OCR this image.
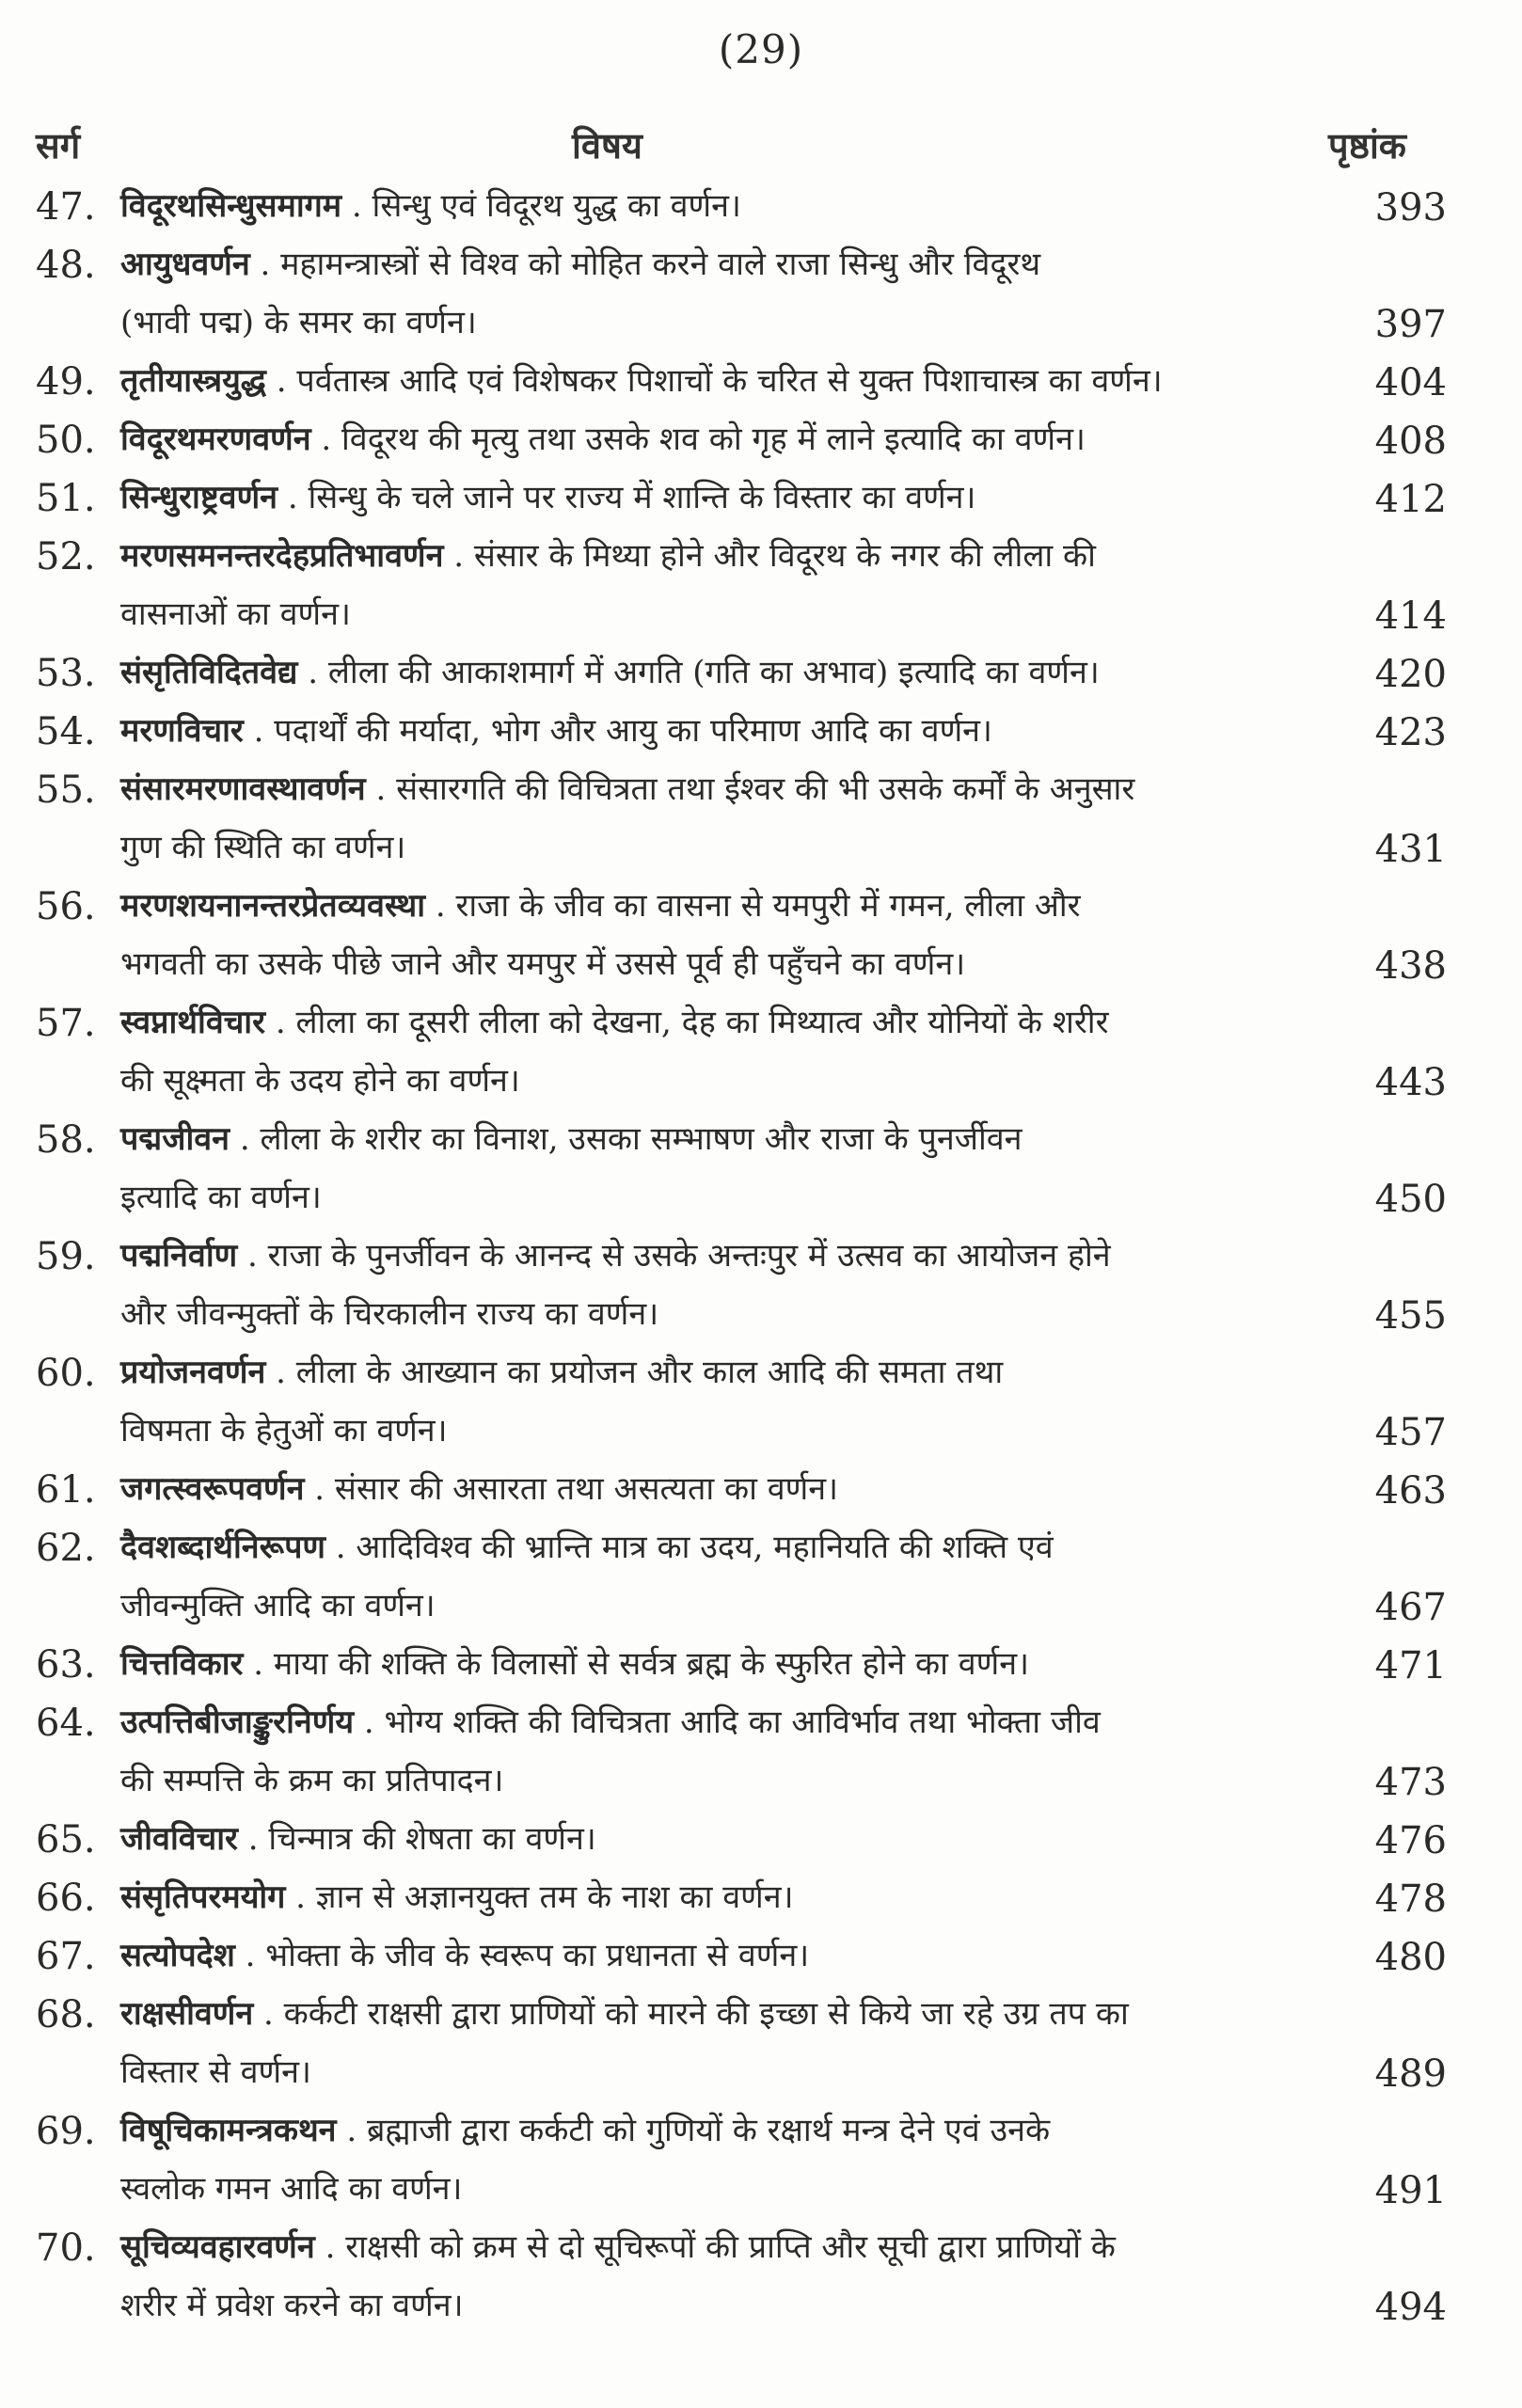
(29)
सर्ग	विषय	पृष्ठांक
47. विदूरथसिन्धुसमागम . सिन्धु एवं विदूरथ युद्ध का वर्णन।	393
48. आयुधवर्णन . महामन्त्रास्त्रों से विश्व को मोहित करने वाले राजा सिन्धु और विदूरथ
(भावी पद्म) के समर का वर्णन।	397
49. तृतीयास्त्रयुद्ध . पर्वतास्त्र आदि एवं विशेषकर पिशाचों के चरित से युक्त पिशाचास्त्र का वर्णन।	404
50. विदूरथमरणवर्णन . विदूरथ की मृत्यु तथा उसके शव को गृह में लाने इत्यादि का वर्णन।	408
51. सिन्धुराष्ट्रवर्णन . सिन्धु के चले जाने पर राज्य में शान्ति के विस्तार का वर्णन।	412
52. मरणसमनन्तरदेहप्रतिभावर्णन . संसार के मिथ्या होने और विदूरथ के नगर की लीला की
वासनाओं का वर्णन।	414
53. संसृतिविदितवेद्य . लीला की आकाशमार्ग में अगति (गति का अभाव) इत्यादि का वर्णन।	420
54. मरणविचार . पदार्थों की मर्यादा, भोग और आयु का परिमाण आदि का वर्णन।	423
55. संसारमरणावस्थावर्णन . संसारगति की विचित्रता तथा ईश्वर की भी उसके कर्मों के अनुसार
गुण की स्थिति का वर्णन।	431
56. मरणशयनानन्तरप्रेतव्यवस्था . राजा के जीव का वासना से यमपुरी में गमन, लीला और
भगवती का उसके पीछे जाने और यमपुर में उससे पूर्व ही पहुँचने का वर्णन।	438
57. स्वप्नार्थविचार . लीला का दूसरी लीला को देखना, देह का मिथ्यात्व और योनियों के शरीर
की सूक्ष्मता के उदय होने का वर्णन।	443
58. पद्मजीवन . लीला के शरीर का विनाश, उसका सम्भाषण और राजा के पुनर्जीवन
इत्यादि का वर्णन।	450
59. पद्मनिर्वाण . राजा के पुनर्जीवन के आनन्द से उसके अन्तःपुर में उत्सव का आयोजन होने
और जीवन्मुक्तों के चिरकालीन राज्य का वर्णन।	455
60. प्रयोजनवर्णन . लीला के आख्यान का प्रयोजन और काल आदि की समता तथा
विषमता के हेतुओं का वर्णन।	457
61. जगत्स्वरूपवर्णन . संसार की असारता तथा असत्यता का वर्णन।	463
62. दैवशब्दार्थनिरूपण . आदिविश्व की भ्रान्ति मात्र का उदय, महानियति की शक्ति एवं
जीवन्मुक्ति आदि का वर्णन।	467
63. चित्तविकार . माया की शक्ति के विलासों से सर्वत्र ब्रह्म के स्फुरित होने का वर्णन।	471
64. उत्पत्तिबीजाङ्कुरनिर्णय . भोग्य शक्ति की विचित्रता आदि का आविर्भाव तथा भोक्ता जीव
की सम्पत्ति के क्रम का प्रतिपादन।	473
65. जीवविचार . चिन्मात्र की शेषता का वर्णन।	476
66. संसृतिपरमयोग . ज्ञान से अज्ञानयुक्त तम के नाश का वर्णन।	478
67. सत्योपदेश . भोक्ता के जीव के स्वरूप का प्रधानता से वर्णन।	480
68. राक्षसीवर्णन . कर्कटी राक्षसी द्वारा प्राणियों को मारने की इच्छा से किये जा रहे उग्र तप का
विस्तार से वर्णन।	489
69. विषूचिकामन्त्रकथन . ब्रह्माजी द्वारा कर्कटी को गुणियों के रक्षार्थ मन्त्र देने एवं उनके
स्वलोक गमन आदि का वर्णन।	491
70. सूचिव्यवहारवर्णन . राक्षसी को क्रम से दो सूचिरूपों की प्राप्ति और सूची द्वारा प्राणियों के
शरीर में प्रवेश करने का वर्णन।	494
